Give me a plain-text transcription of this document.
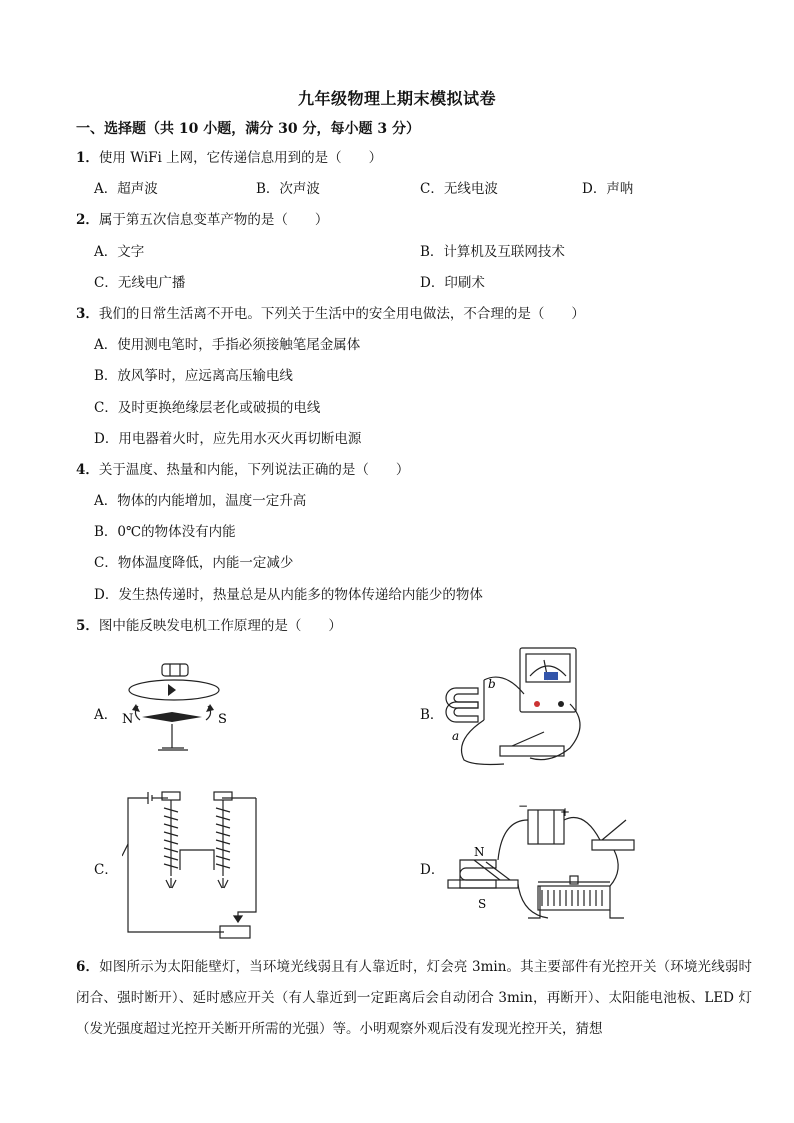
九年级物理上期末模拟试卷
一、选择题（共 10 小题，满分 30 分，每小题 3 分）
1．使用 WiFi 上网，它传递信息用到的是（　　）
A．超声波	B．次声波	C．无线电波	D．声呐
2．属于第五次信息变革产物的是（　　）
A．文字	B．计算机及互联网技术
C．无线电广播	D．印刷术
3．我们的日常生活离不开电。下列关于生活中的安全用电做法，不合理的是（　　）
A．使用测电笔时，手指必须接触笔尾金属体
B．放风筝时，应远离高压输电线
C．及时更换绝缘层老化或破损的电线
D．用电器着火时，应先用水灭火再切断电源
4．关于温度、热量和内能，下列说法正确的是（　　）
A．物体的内能增加，温度一定升高
B．0℃的物体没有内能
C．物体温度降低，内能一定减少
D．发生热传递时，热量总是从内能多的物体传递给内能少的物体
5．图中能反映发电机工作原理的是（　　）
A．	B．
C．	D．
N	S
b
a
N
S
−	+
6．如图所示为太阳能壁灯，当环境光线弱且有人靠近时，灯会亮 3min。其主要部件有光控开关（环境光线弱时闭合、强时断开）、延时感应开关（有人靠近到一定距离后会自动闭合 3min，再断开）、太阳能电池板、LED 灯（发光强度超过光控开关断开所需的光强）等。小明观察外观后没有发现光控开关，猜想
